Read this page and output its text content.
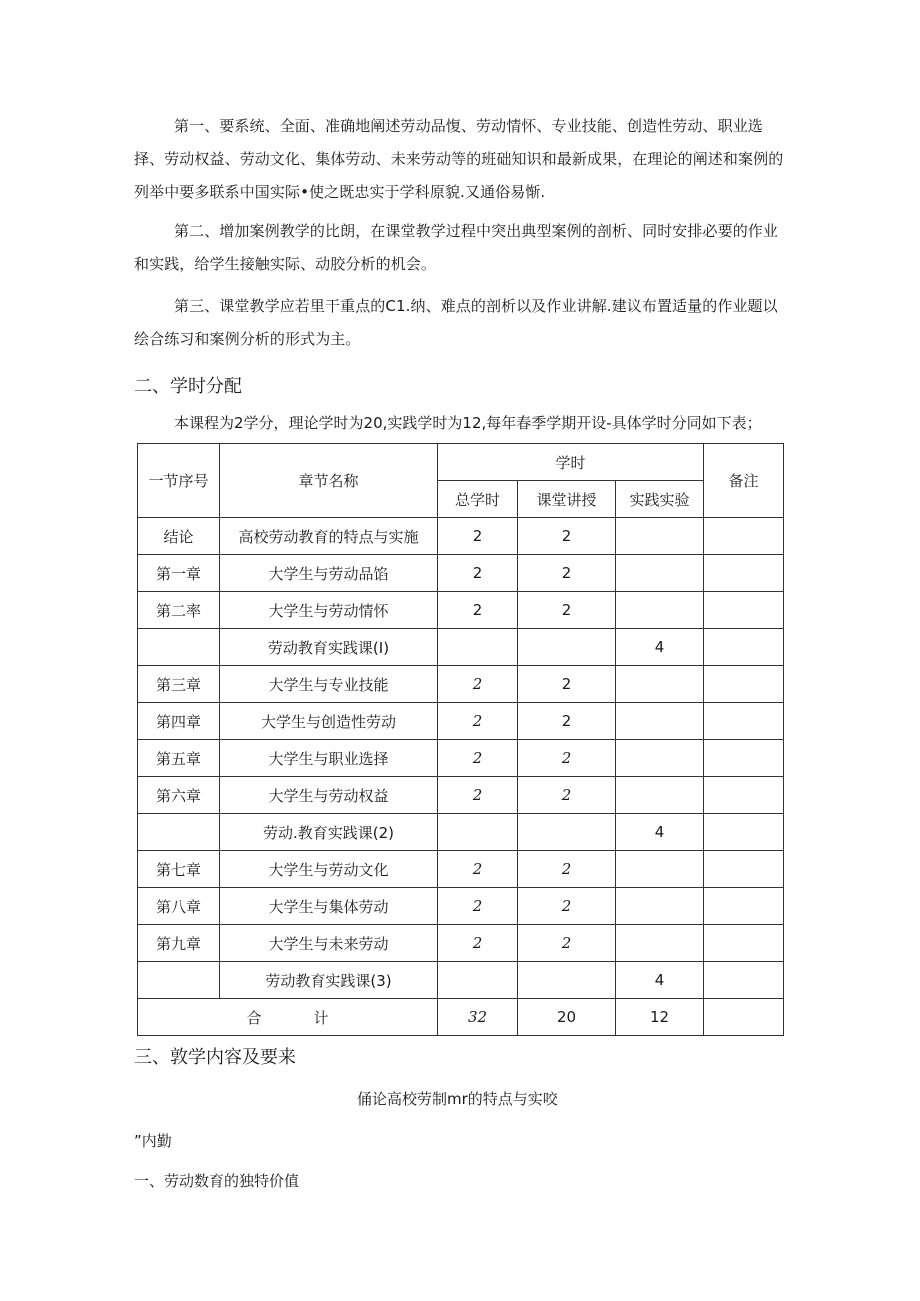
第一、要系统、全面、准确地阐述劳动品愎、劳动情怀、专业技能、创造性劳动、职业选择、劳动权益、劳动文化、集体劳动、未来劳动等的班础知识和最新成果，在理论的阐述和案例的列举中要多联系中国实际•使之既忠实于学科原貌.又通俗易惭.

第二、增加案例教学的比朗，在课堂教学过程中突出典型案例的剖析、同时安排必要的作业和实践，给学生接触实际、动胶分析的机会。

第三、课堂教学应若里干重点的C1.纳、难点的剖析以及作业讲解.建议布置适量的作业题以绘合练习和案例分析的形式为主。

二、学时分配

本课程为2学分，理论学时为20,实践学时为12,每年春季学期开设-具体学时分同如下表；

一节序号	章节名称	学时			备注
		总学时	课堂讲授	实践实验	
结论	高校劳动教育的特点与实施	2	2		
第一章	大学生与劳动品馅	2	2		
第二率	大学生与劳动情怀	2	2		
	劳动教育实践课(I)			4	
第三章	大学生与专业技能	2	2		
第四章	大学生与创造性劳动	2	2		
第五章	大学生与职业选择	2	2		
第六章	大学生与劳动权益	2	2		
	劳动.教育实践课(2)			4	
第七章	大学生与劳动文化	2	2		
第八章	大学生与集体劳动	2	2		
第九章	大学生与未来劳动	2	2		
	劳动教育实践课(3)			4	
合计		32	20	12	
三、敦学内容及要来

俑论高校劳制mr的特点与实咬

”内勤

一、劳动数育的独特价值
